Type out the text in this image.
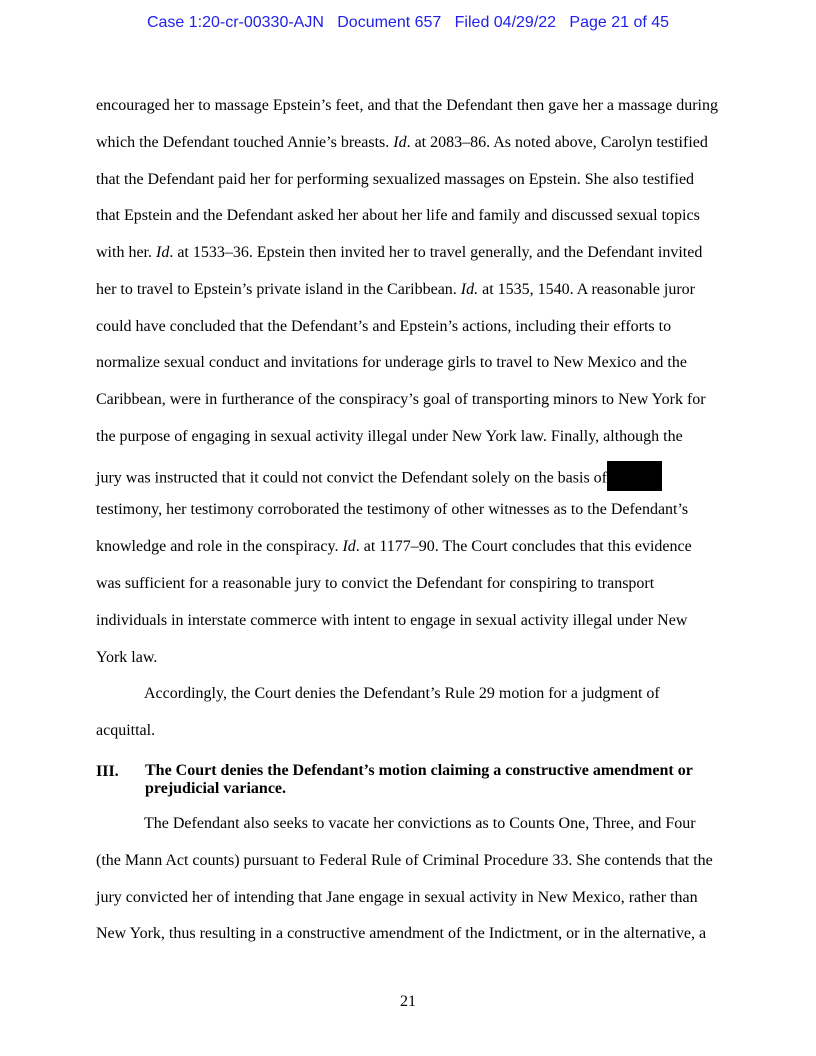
Case 1:20-cr-00330-AJN Document 657 Filed 04/29/22 Page 21 of 45
encouraged her to massage Epstein’s feet, and that the Defendant then gave her a massage during
which the Defendant touched Annie’s breasts. Id. at 2083–86. As noted above, Carolyn testified
that the Defendant paid her for performing sexualized massages on Epstein. She also testified
that Epstein and the Defendant asked her about her life and family and discussed sexual topics
with her. Id. at 1533–36. Epstein then invited her to travel generally, and the Defendant invited
her to travel to Epstein’s private island in the Caribbean. Id. at 1535, 1540. A reasonable juror
could have concluded that the Defendant’s and Epstein’s actions, including their efforts to
normalize sexual conduct and invitations for underage girls to travel to New Mexico and the
Caribbean, were in furtherance of the conspiracy’s goal of transporting minors to New York for
the purpose of engaging in sexual activity illegal under New York law. Finally, although the
jury was instructed that it could not convict the Defendant solely on the basis of
testimony, her testimony corroborated the testimony of other witnesses as to the Defendant’s
knowledge and role in the conspiracy. Id. at 1177–90. The Court concludes that this evidence
was sufficient for a reasonable jury to convict the Defendant for conspiring to transport
individuals in interstate commerce with intent to engage in sexual activity illegal under New
York law.
Accordingly, the Court denies the Defendant’s Rule 29 motion for a judgment of
acquittal.
III. The Court denies the Defendant’s motion claiming a constructive amendment or
prejudicial variance.
The Defendant also seeks to vacate her convictions as to Counts One, Three, and Four
(the Mann Act counts) pursuant to Federal Rule of Criminal Procedure 33. She contends that the
jury convicted her of intending that Jane engage in sexual activity in New Mexico, rather than
New York, thus resulting in a constructive amendment of the Indictment, or in the alternative, a
21
